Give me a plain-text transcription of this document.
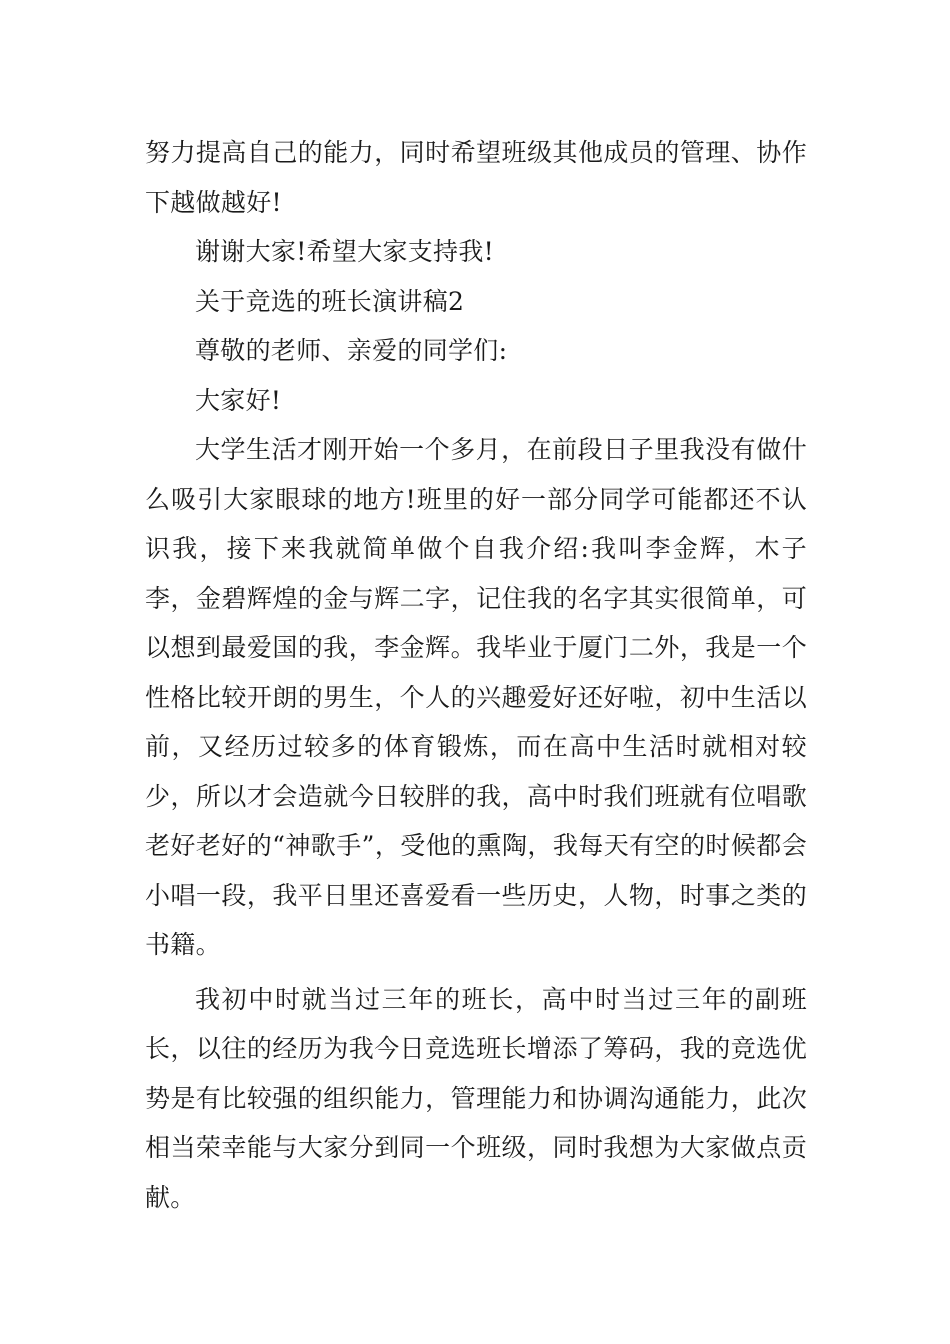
努力提高自己的能力，同时希望班级其他成员的管理、协作下越做越好!

谢谢大家!希望大家支持我!

关于竞选的班长演讲稿2

尊敬的老师、亲爱的同学们:

大家好!

大学生活才刚开始一个多月，在前段日子里我没有做什么吸引大家眼球的地方!班里的好一部分同学可能都还不认识我，接下来我就简单做个自我介绍:我叫李金辉，木子李，金碧辉煌的金与辉二字，记住我的名字其实很简单，可以想到最爱国的我，李金辉。我毕业于厦门二外，我是一个性格比较开朗的男生，个人的兴趣爱好还好啦，初中生活以前，又经历过较多的体育锻炼，而在高中生活时就相对较少，所以才会造就今日较胖的我，高中时我们班就有位唱歌老好老好的“神歌手”，受他的熏陶，我每天有空的时候都会小唱一段，我平日里还喜爱看一些历史，人物，时事之类的书籍。

我初中时就当过三年的班长，高中时当过三年的副班长，以往的经历为我今日竞选班长增添了筹码，我的竞选优势是有比较强的组织能力，管理能力和协调沟通能力，此次相当荣幸能与大家分到同一个班级，同时我想为大家做点贡献。
